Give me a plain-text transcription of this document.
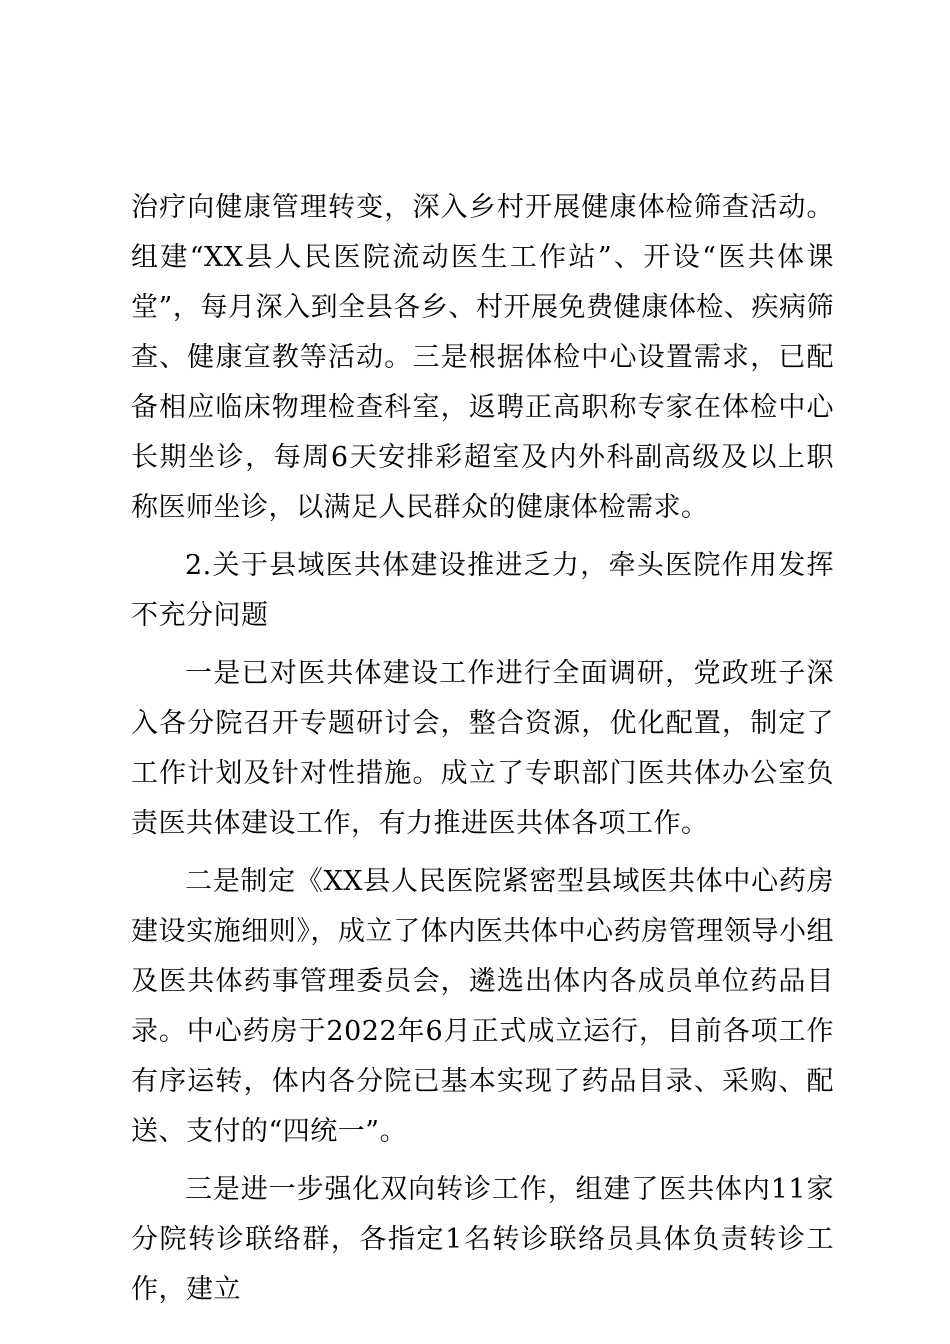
治疗向健康管理转变，深入乡村开展健康体检筛查活动。组建“XX县人民医院流动医生工作站”、开设“医共体课堂”，每月深入到全县各乡、村开展免费健康体检、疾病筛查、健康宣教等活动。三是根据体检中心设置需求，已配备相应临床物理检查科室，返聘正高职称专家在体检中心长期坐诊，每周6天安排彩超室及内外科副高级及以上职称医师坐诊，以满足人民群众的健康体检需求。

2.关于县域医共体建设推进乏力，牵头医院作用发挥不充分问题

一是已对医共体建设工作进行全面调研，党政班子深入各分院召开专题研讨会，整合资源，优化配置，制定了工作计划及针对性措施。成立了专职部门医共体办公室负责医共体建设工作，有力推进医共体各项工作。

二是制定《XX县人民医院紧密型县域医共体中心药房建设实施细则》，成立了体内医共体中心药房管理领导小组及医共体药事管理委员会，遴选出体内各成员单位药品目录。中心药房于2022年6月正式成立运行，目前各项工作有序运转，体内各分院已基本实现了药品目录、采购、配送、支付的“四统一”。

三是进一步强化双向转诊工作，组建了医共体内11家分院转诊联络群，各指定1名转诊联络员具体负责转诊工作，建立
